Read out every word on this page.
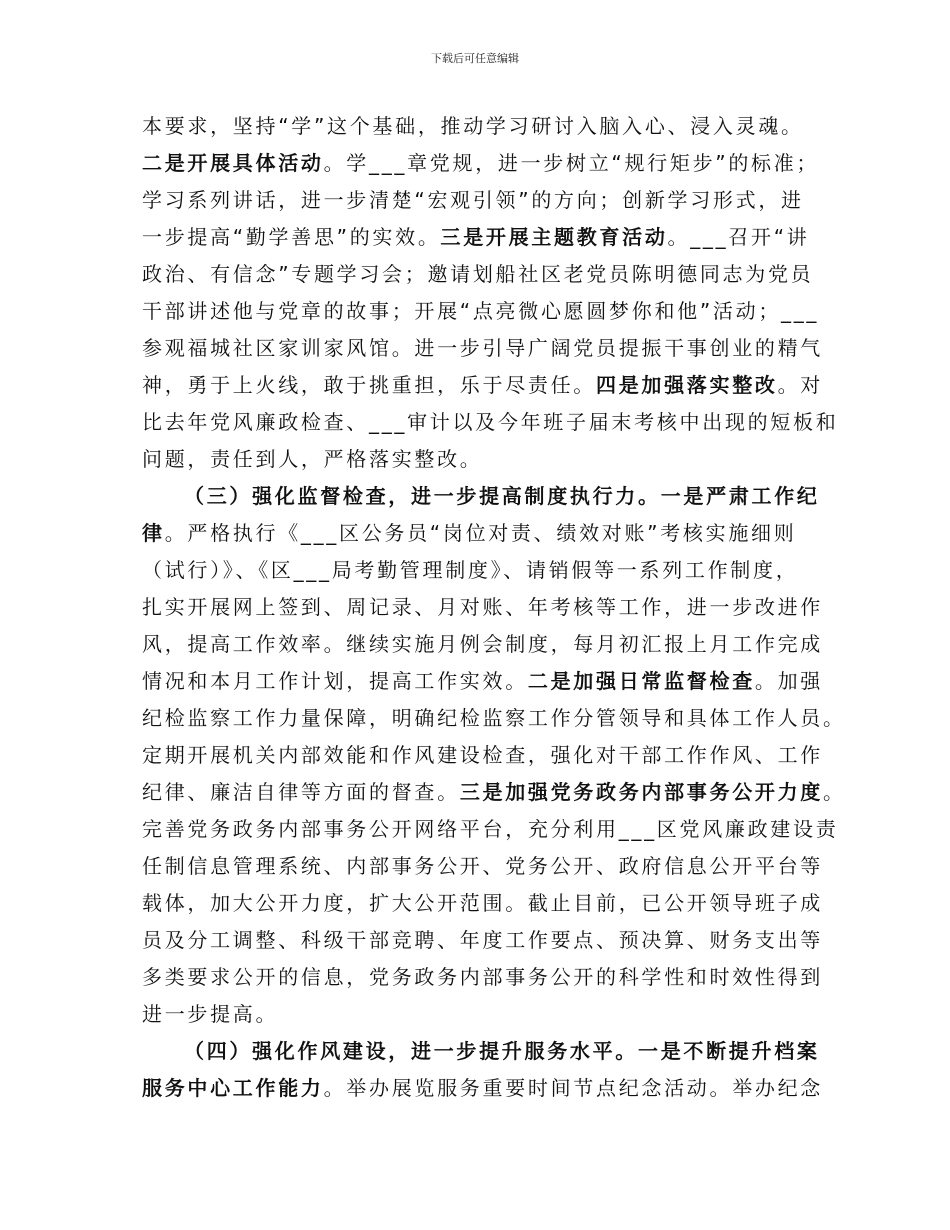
下载后可任意编辑
本要求，坚持“学”这个基础，推动学习研讨入脑入心、浸入灵魂。
二是开展具体活动。学___章党规，进一步树立“规行矩步”的标准；
学习系列讲话，进一步清楚“宏观引领”的方向；创新学习形式，进
一步提高“勤学善思”的实效。三是开展主题教育活动。___召开“讲
政治、有信念”专题学习会；邀请划船社区老党员陈明德同志为党员
干部讲述他与党章的故事；开展“点亮微心愿圆梦你和他”活动；___
参观福城社区家训家风馆。进一步引导广阔党员提振干事创业的精气
神，勇于上火线，敢于挑重担，乐于尽责任。四是加强落实整改。对
比去年党风廉政检查、___审计以及今年班子届末考核中出现的短板和
问题，责任到人，严格落实整改。
（三）强化监督检查，进一步提高制度执行力。一是严肃工作纪
律。严格执行《___区公务员“岗位对责、绩效对账”考核实施细则
（试行）》、《区___局考勤管理制度》、请销假等一系列工作制度，
扎实开展网上签到、周记录、月对账、年考核等工作，进一步改进作
风，提高工作效率。继续实施月例会制度，每月初汇报上月工作完成
情况和本月工作计划，提高工作实效。二是加强日常监督检查。加强
纪检监察工作力量保障，明确纪检监察工作分管领导和具体工作人员。
定期开展机关内部效能和作风建设检查，强化对干部工作作风、工作
纪律、廉洁自律等方面的督查。三是加强党务政务内部事务公开力度。
完善党务政务内部事务公开网络平台，充分利用___区党风廉政建设责
任制信息管理系统、内部事务公开、党务公开、政府信息公开平台等
载体，加大公开力度，扩大公开范围。截止目前，已公开领导班子成
员及分工调整、科级干部竞聘、年度工作要点、预决算、财务支出等
多类要求公开的信息，党务政务内部事务公开的科学性和时效性得到
进一步提高。
（四）强化作风建设，进一步提升服务水平。一是不断提升档案
服务中心工作能力。举办展览服务重要时间节点纪念活动。举办纪念
